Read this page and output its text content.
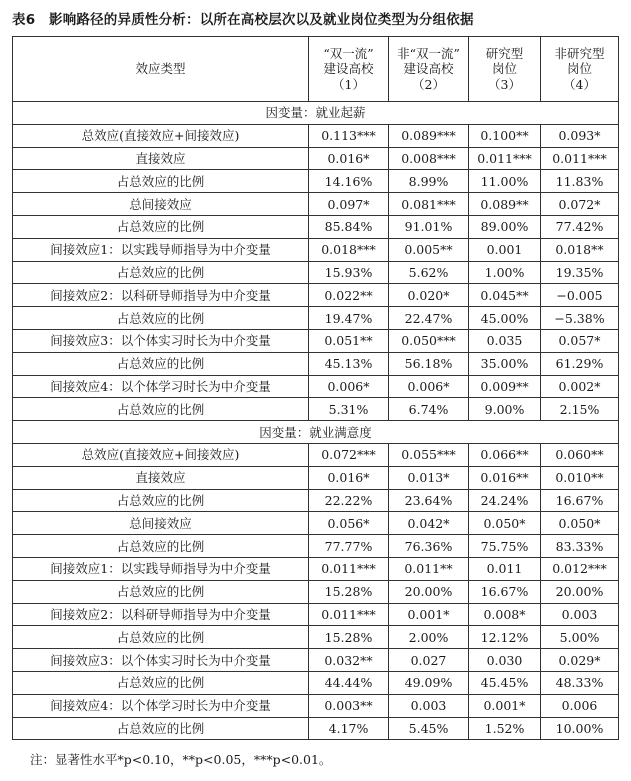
表6　影响路径的异质性分析：以所在高校层次以及就业岗位类型为分组依据
效应类型	“双一流”
建设高校
（1）	非“双一流”
建设高校
（2）	研究型
岗位
（3）	非研究型
岗位
（4）

因变量：就业起薪				
总效应(直接效应+间接效应)	0.113***	0.089***	0.100**	0.093*
直接效应	0.016*	0.008***	0.011***	0.011***
占总效应的比例	14.16%	8.99%	11.00%	11.83%
总间接效应	0.097*	0.081***	0.089**	0.072*
占总效应的比例	85.84%	91.01%	89.00%	77.42%
间接效应1：以实践导师指导为中介变量	0.018***	0.005**	0.001	0.018**
占总效应的比例	15.93%	5.62%	1.00%	19.35%
间接效应2：以科研导师指导为中介变量	0.022**	0.020*	0.045**	−0.005
占总效应的比例	19.47%	22.47%	45.00%	−5.38%
间接效应3：以个体实习时长为中介变量	0.051**	0.050***	0.035	0.057*
占总效应的比例	45.13%	56.18%	35.00%	61.29%
间接效应4：以个体学习时长为中介变量	0.006*	0.006*	0.009**	0.002*
占总效应的比例	5.31%	6.74%	9.00%	2.15%
因变量：就业满意度				
总效应(直接效应+间接效应)	0.072***	0.055***	0.066**	0.060**
直接效应	0.016*	0.013*	0.016**	0.010**
占总效应的比例	22.22%	23.64%	24.24%	16.67%
总间接效应	0.056*	0.042*	0.050*	0.050*
占总效应的比例	77.77%	76.36%	75.75%	83.33%
间接效应1：以实践导师指导为中介变量	0.011***	0.011**	0.011	0.012***
占总效应的比例	15.28%	20.00%	16.67%	20.00%
间接效应2：以科研导师指导为中介变量	0.011***	0.001*	0.008*	0.003
占总效应的比例	15.28%	2.00%	12.12%	5.00%
间接效应3：以个体实习时长为中介变量	0.032**	0.027	0.030	0.029*
占总效应的比例	44.44%	49.09%	45.45%	48.33%
间接效应4：以个体学习时长为中介变量	0.003**	0.003	0.001*	0.006
占总效应的比例	4.17%	5.45%	1.52%	10.00%
注：显著性水平*p<0.10，**p<0.05，***p<0.01。
